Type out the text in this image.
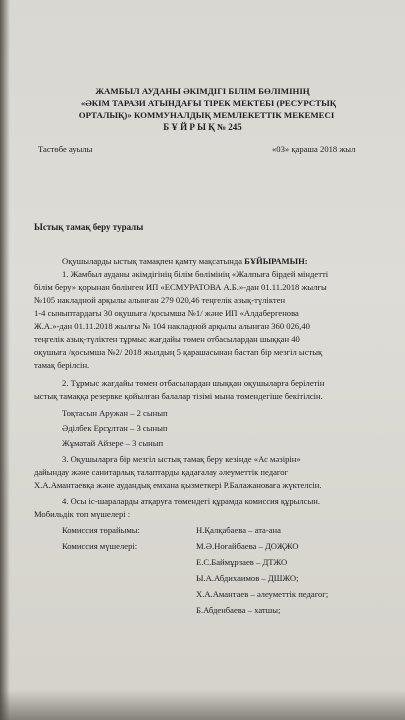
ЖАМБЫЛ АУДАНЫ ӘКІМДІГІ БІЛІМ БӨЛІМІНІҢ
«ӘКІМ ТАРАЗИ АТЫНДАҒЫ ТІРЕК МЕКТЕБІ (РЕСУРСТЫҚ
ОРТАЛЫҚ)» КОММУНАЛДЫҚ МЕМЛЕКЕТТІК МЕКЕМЕСІ
Б Ұ Й Р Ы Қ № 245
Тастөбе ауылы	«03» қараша 2018 жыл
Ыстық тамақ беру туралы
Оқушыларды ыстық тамақпен қамту мақсатында БҰЙЫРАМЫН:
1. Жамбыл ауданы әкімдігінің білім бөлімінің «Жалпыға бірдей міндетті
білім беру» қорынан бөлінген ИП «ЕСМУРАТОВА А.Б.»-дан 01.11.2018 жылғы
№105 накладной арқылы алынған 279 020,46 теңгелік азық-түліктен
1-4 сыныптардағы 30 оқушыға /қосымша №1/ және ИП «Алдабергенова
Ж.А.»-дан 01.11.2018 жылғы № 104 накладной арқылы алынған 360 026,40
теңгелік азық-түліктен тұрмыс жағдайы төмен отбасылардан шыққан 40
оқушыға /қосымша №2/ 2018 жылдың 5 қарашасынан бастап бір мезгіл ыстық
тамақ берілсін.
2. Тұрмыс жағдайы төмен отбасылардан шыққан оқушыларға берілетін
ыстық тамаққа резервке қойылған балалар тізімі мына төмендегіше бекітілсін.
Тоқтасын Аружан – 2 сынып
Әділбек Ерсұлтан – 3 сынып
Жұматай Айзере – 3 сынып
3. Оқушыларға бір мезгіл ыстық тамақ беру кезінде «Ас мәзірін»
дайындау және санитарлық талаптарды қадағалау әлеуметтік педагог
Х.А.Амантаевқа және аудандық емхана қызметкері Р.Балажановаға жүктелсін.
4. Осы іс-шараларды атқаруға төмендегі құрамда комиссия құрылсын.
Мобильдік топ мүшелері :
Комиссия төрайымы:	Н.Қалқабаева – ата-ана
Комиссия мүшелері:	М.Ә.Ноғайбаева – ДОҖЖО
Е.С.Баймұрзаев – ДТЖО
Ы.А.Абдихаимов – ДШЖО;
Х.А.Амантаев – әлеуметтік педагог;
Б.Абденбаева – хатшы;
